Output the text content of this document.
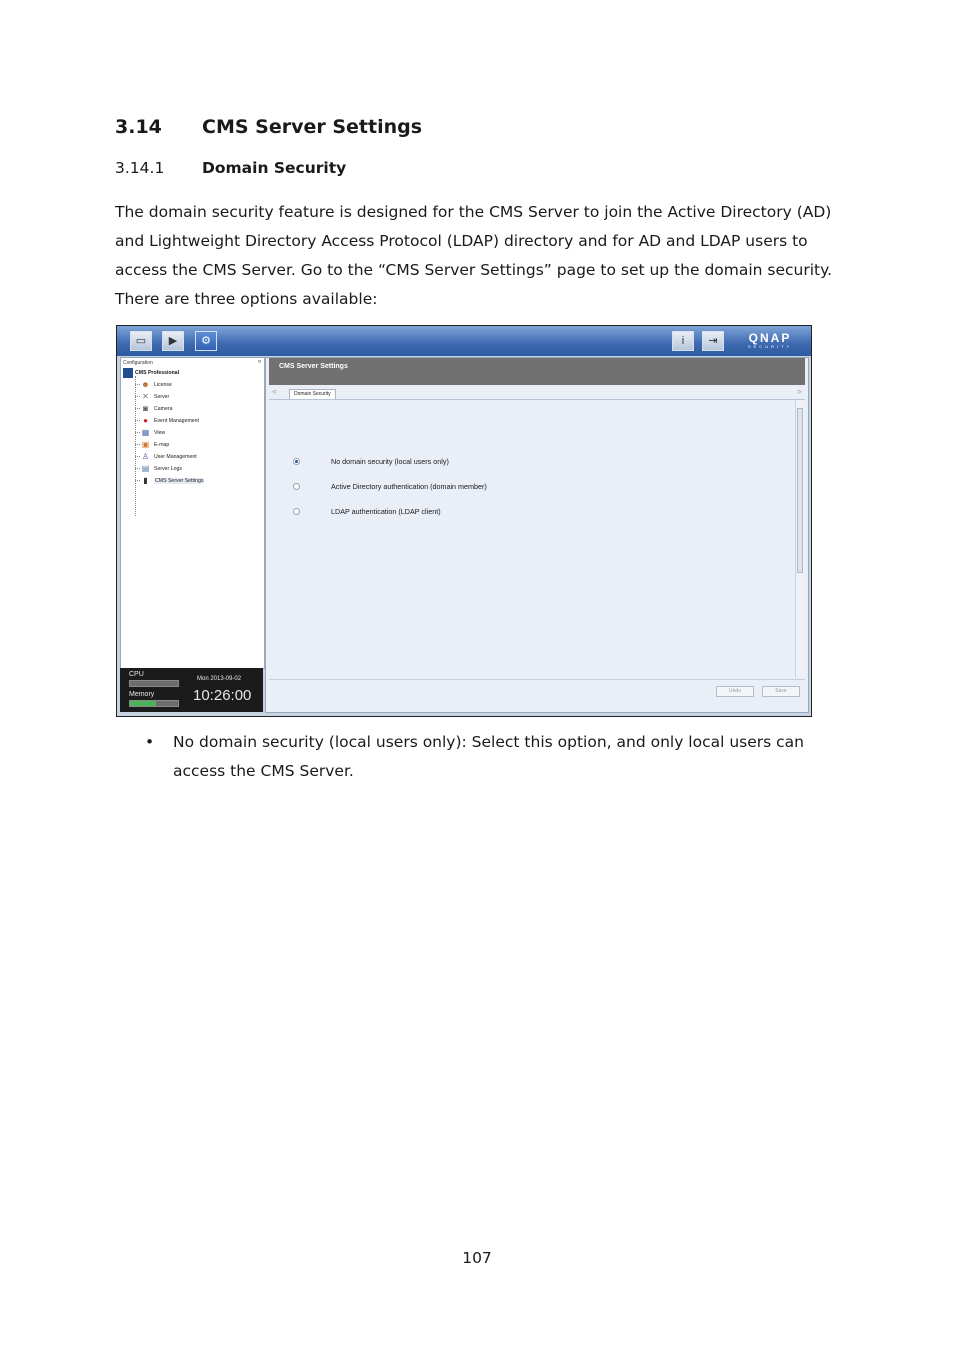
3.14 CMS Server Settings
3.14.1 Domain Security
The domain security feature is designed for the CMS Server to join the Active Directory (AD)
and Lightweight Directory Access Protocol (LDAP) directory and for AD and LDAP users to
access the CMS Server. Go to the “CMS Server Settings” page to set up the domain security.
There are three options available:
▭	▶	⚙	i	⇥	QNAP
SECURITY
Configuration	¤
CMS Professional
☻ License
✕ Server
◙	Camera
●	Event Management
▦ View
▣ E-map
♙ User Management
▤ Server Logs
▮	CMS Server Settings
CPU
Memory
Mon 2013-09-02
10:26:00
CMS Server Settings
◁	Domain Security	▷
No domain security (local users only)
Active Directory authentication (domain member)
LDAP authentication (LDAP client)
Undo	Save
• No domain security (local users only): Select this option, and only local users can
access the CMS Server.
107
